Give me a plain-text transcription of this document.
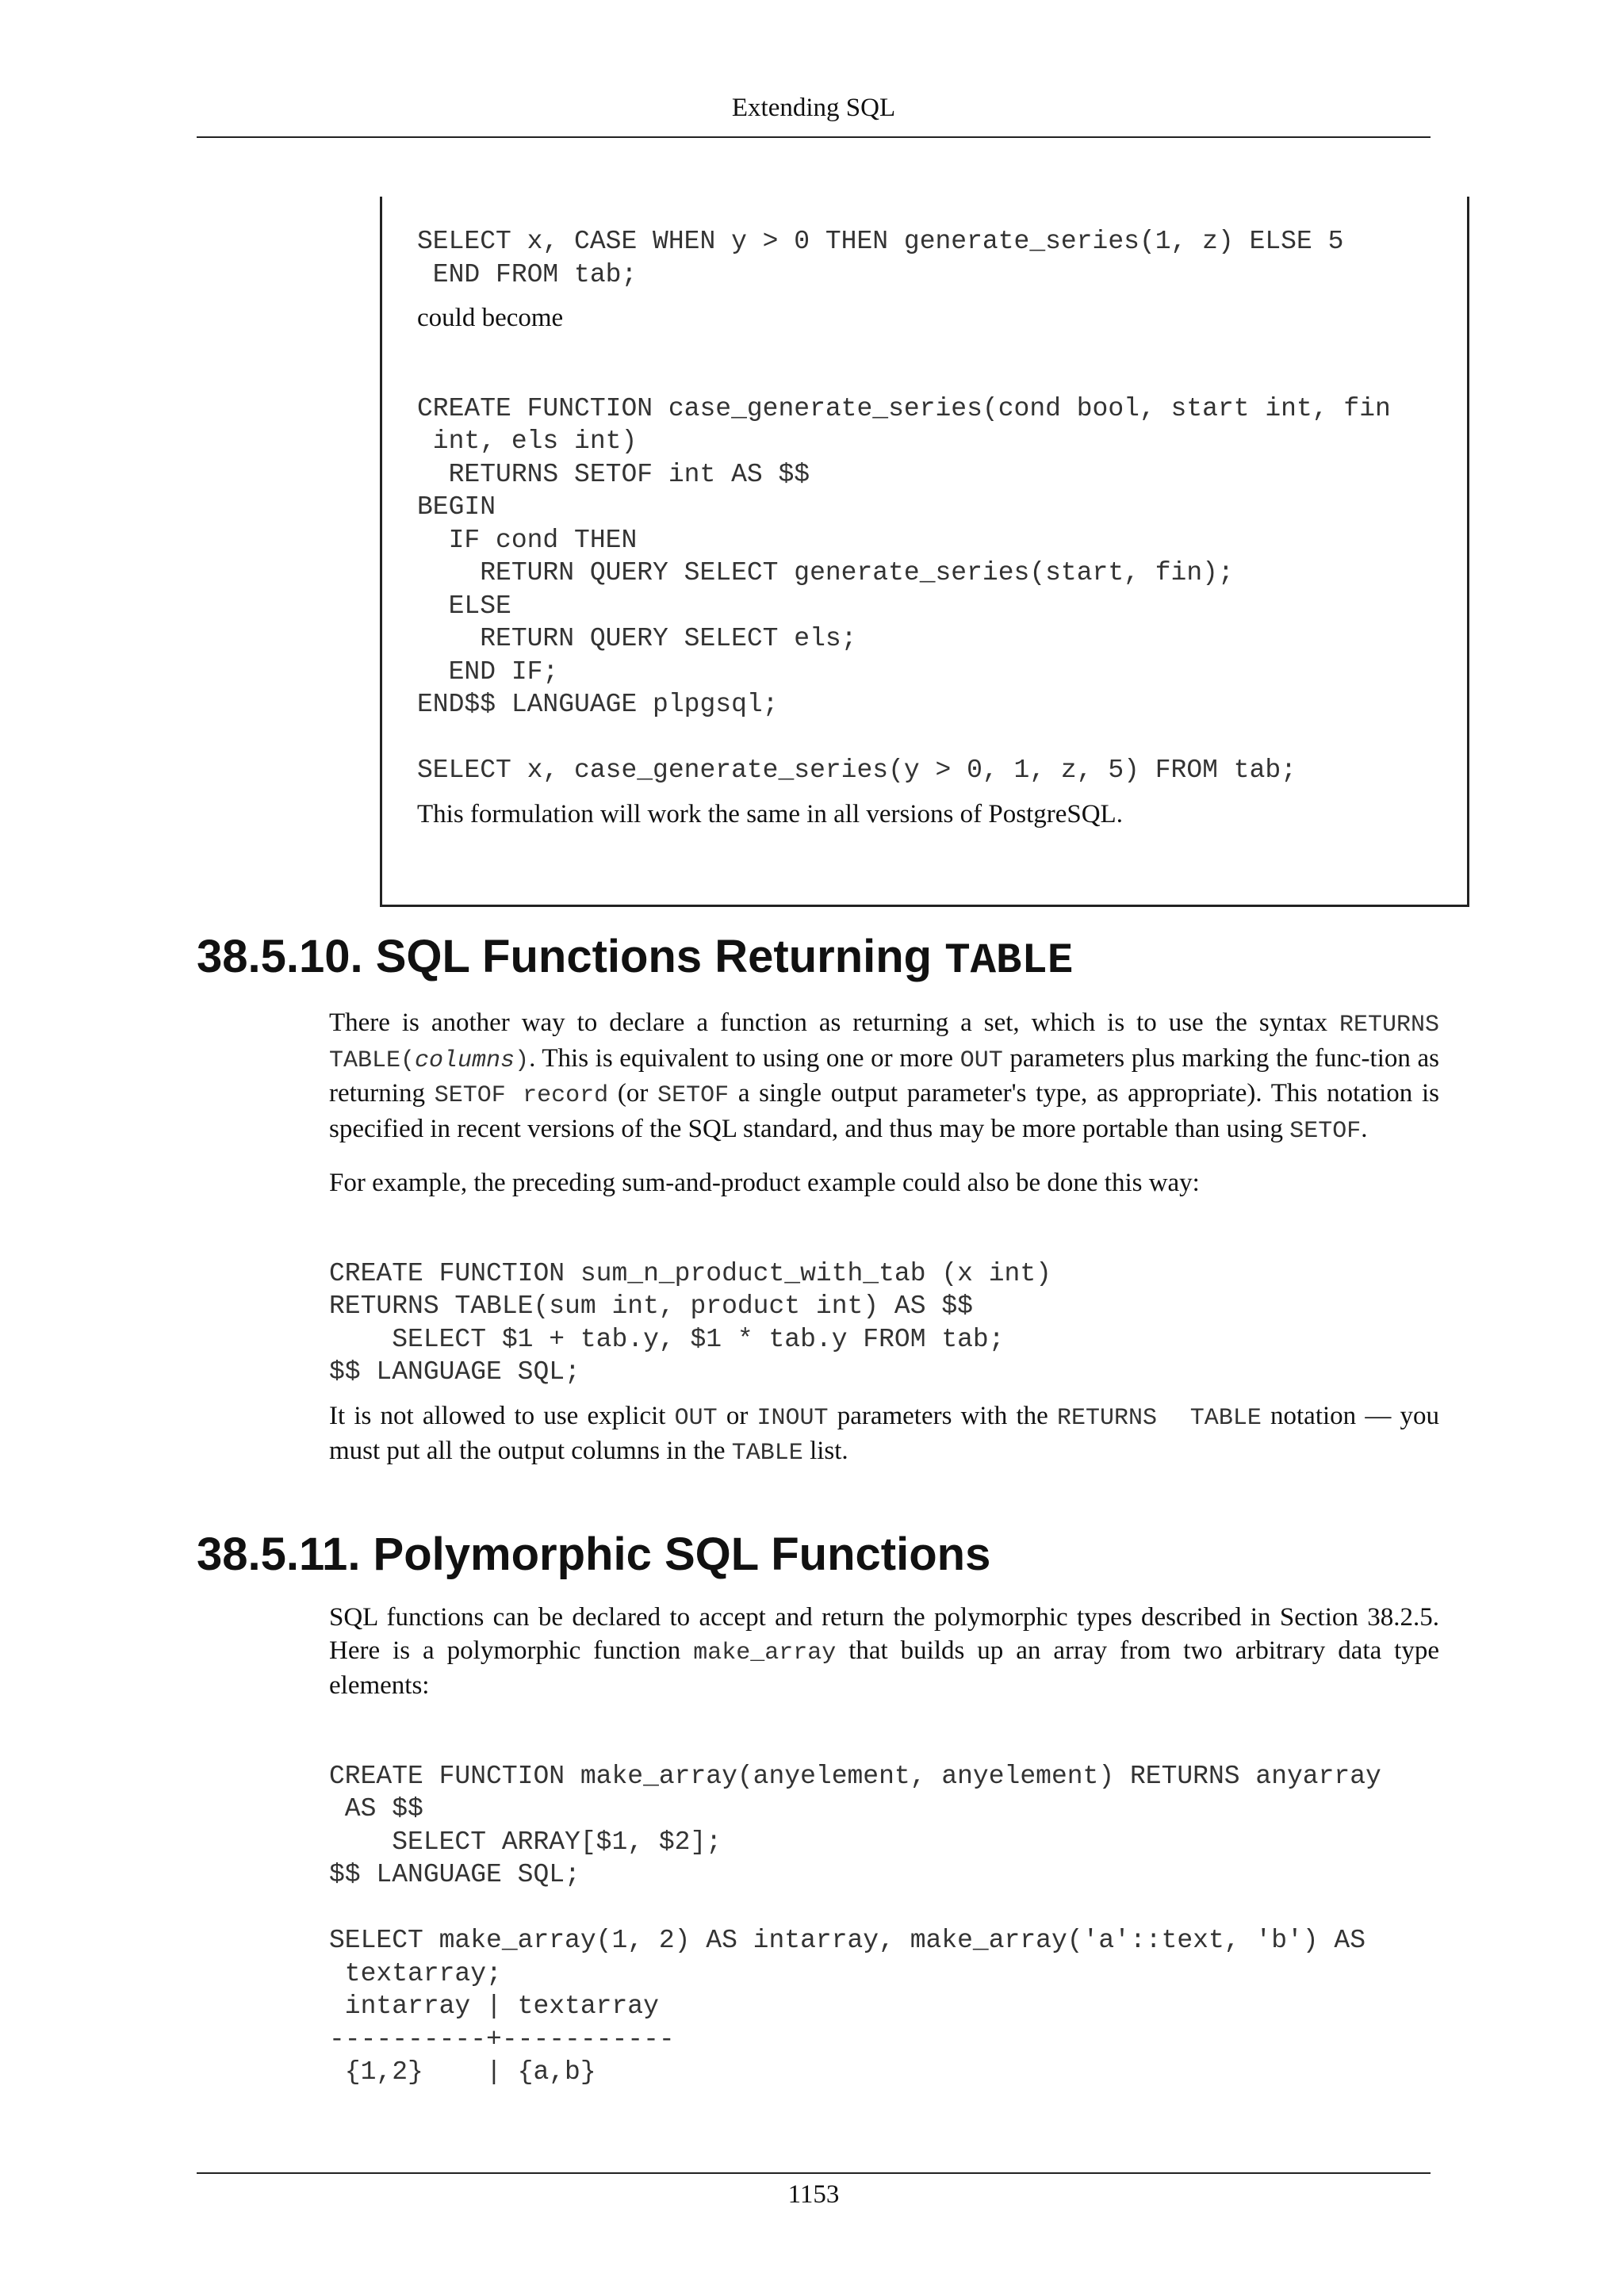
Extending SQL
SELECT x, CASE WHEN y > 0 THEN generate_series(1, z) ELSE 5
END FROM tab;

could become

CREATE FUNCTION case_generate_series(cond bool, start int, fin
int, els int)
RETURNS SETOF int AS $$
BEGIN
IF cond THEN
RETURN QUERY SELECT generate_series(start, fin);
ELSE
RETURN QUERY SELECT els;
END IF;
END$$ LANGUAGE plpgsql;

SELECT x, case_generate_series(y > 0, 1, z, 5) FROM tab;

This formulation will work the same in all versions of PostgreSQL.

38.5.10. SQL Functions Returning TABLE

There is another way to declare a function as returning a set, which is to use the syntax RETURNS TABLE(columns). This is equivalent to using one or more OUT parameters plus marking the func-tion as returning SETOF record (or SETOF a single output parameter's type, as appropriate). This notation is specified in recent versions of the SQL standard, and thus may be more portable than using SETOF.

For example, the preceding sum-and-product example could also be done this way:

CREATE FUNCTION sum_n_product_with_tab (x int)
RETURNS TABLE(sum int, product int) AS $$
SELECT $1 + tab.y, $1 * tab.y FROM tab;
$$ LANGUAGE SQL;

It is not allowed to use explicit OUT or INOUT parameters with the RETURNS  TABLE notation — you must put all the output columns in the TABLE list.

38.5.11. Polymorphic SQL Functions

SQL functions can be declared to accept and return the polymorphic types described in Section 38.2.5. Here is a polymorphic function make_array that builds up an array from two arbitrary data type elements:

CREATE FUNCTION make_array(anyelement, anyelement) RETURNS anyarray
AS $$
SELECT ARRAY[$1, $2];
$$ LANGUAGE SQL;

SELECT make_array(1, 2) AS intarray, make_array('a'::text, 'b') AS
textarray;
intarray | textarray
----------+-----------
{1,2}    | {a,b}
1153
